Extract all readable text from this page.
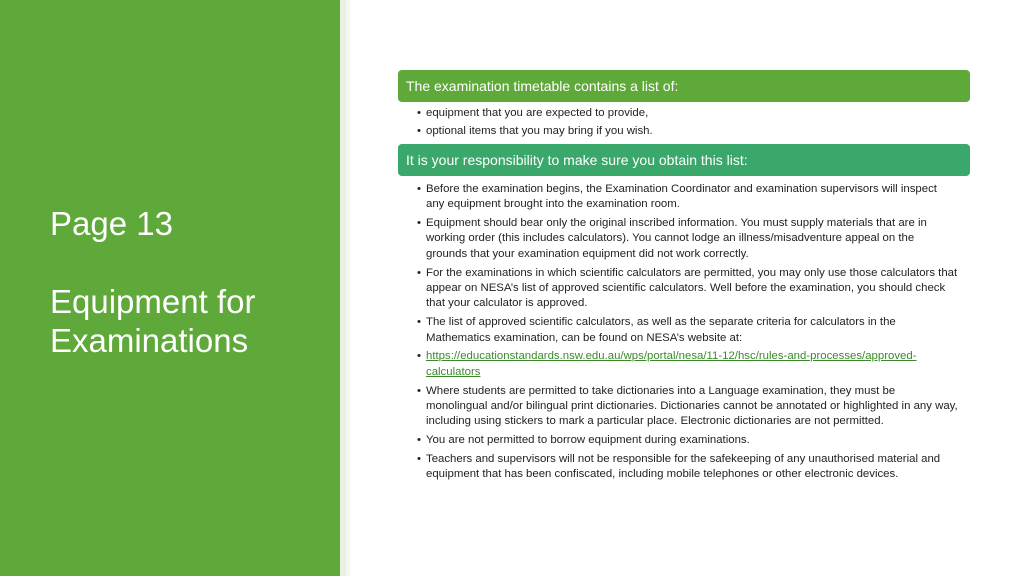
Page 13
Equipment for
Examinations
The examination timetable contains a list of:
• equipment that you are expected to provide,
• optional items that you may bring if you wish.
It is your responsibility to make sure you obtain this list:
• Before the examination begins, the Examination Coordinator and examination supervisors will inspect any equipment brought into the examination room.
• Equipment should bear only the original inscribed information. You must supply materials that are in working order (this includes calculators). You cannot lodge an illness/misadventure appeal on the grounds that your examination equipment did not work correctly.
• For the examinations in which scientific calculators are permitted, you may only use those calculators that appear on NESA’s list of approved scientific calculators. Well before the examination, you should check that your calculator is approved.
• The list of approved scientific calculators, as well as the separate criteria for calculators in the Mathematics examination, can be found on NESA’s website at:
• https://educationstandards.nsw.edu.au/wps/portal/nesa/11-12/hsc/rules-and-processes/approved-calculators
• Where students are permitted to take dictionaries into a Language examination, they must be monolingual and/or bilingual print dictionaries. Dictionaries cannot be annotated or highlighted in any way, including using stickers to mark a particular place. Electronic dictionaries are not permitted.
• You are not permitted to borrow equipment during examinations.
• Teachers and supervisors will not be responsible for the safekeeping of any unauthorised material and equipment that has been confiscated, including mobile telephones or other electronic devices.
